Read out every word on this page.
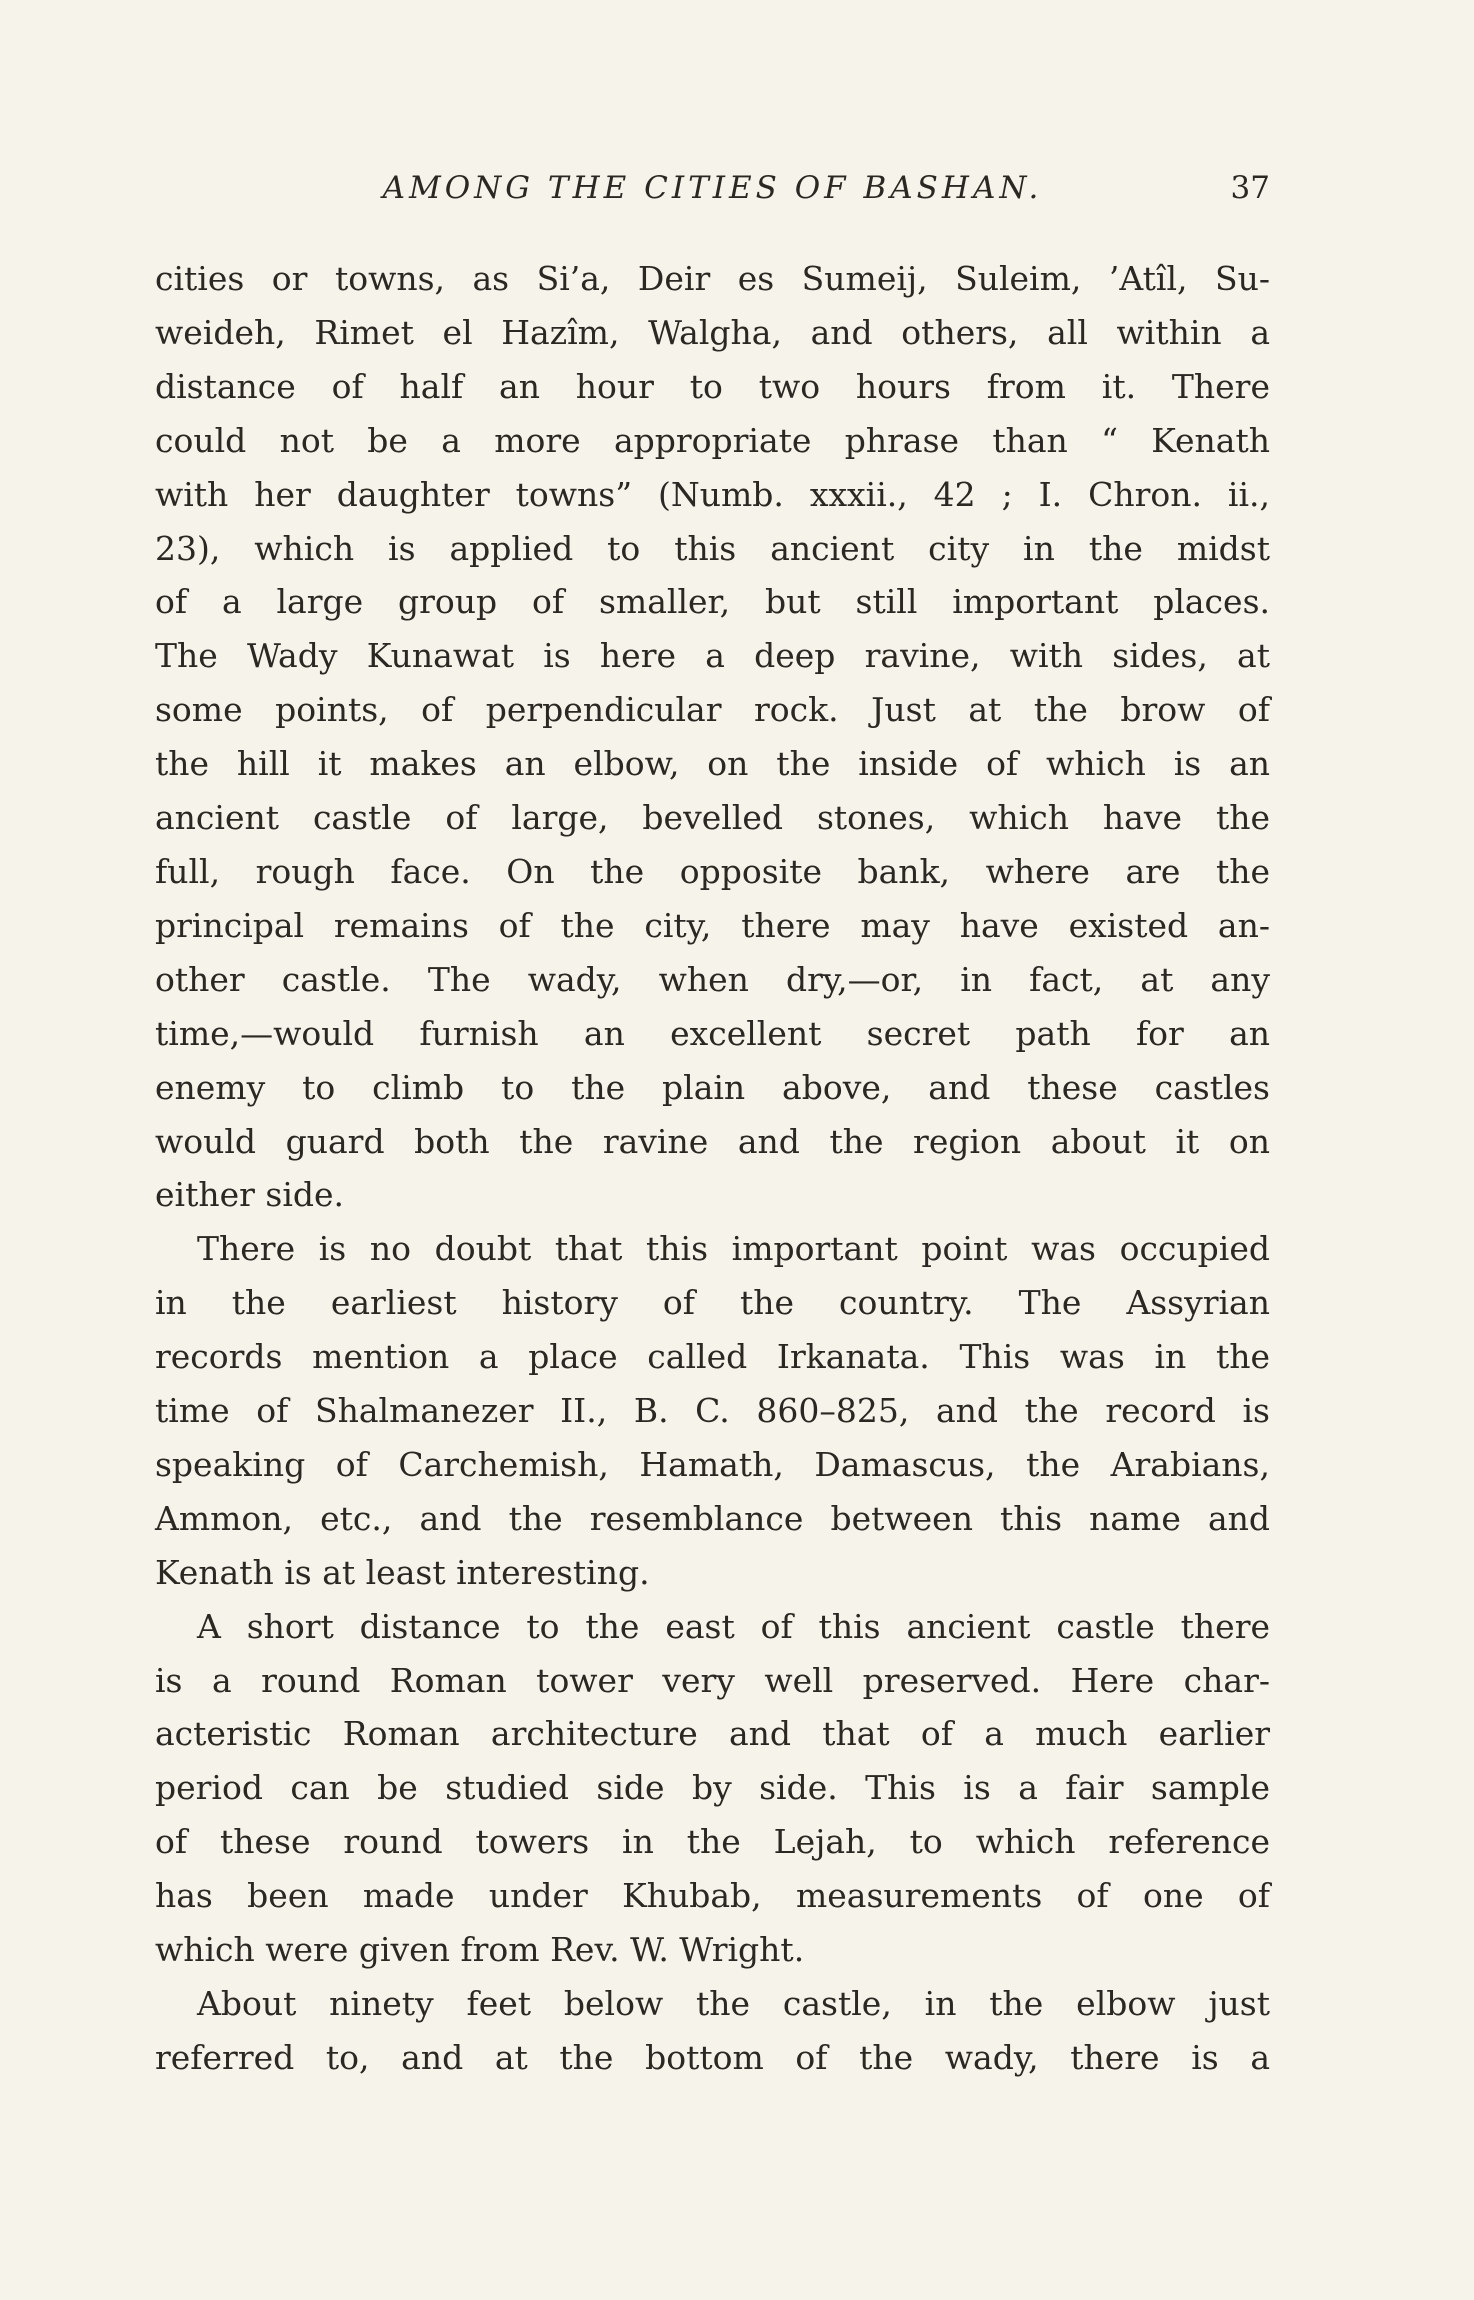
AMONG THE CITIES OF BASHAN.	37
cities or towns, as Si’a, Deir es Sumeij, Suleim, ’Atîl, Su-
weideh, Rimet el Hazîm, Walgha, and others, all within a
distance of half an hour to two hours from it. There
could not be a more appropriate phrase than “ Kenath
with her daughter towns” (Numb. xxxii., 42 ; I. Chron. ii.,
23), which is applied to this ancient city in the midst
of a large group of smaller, but still important places.
The Wady Kunawat is here a deep ravine, with sides, at
some points, of perpendicular rock. Just at the brow of
the hill it makes an elbow, on the inside of which is an
ancient castle of large, bevelled stones, which have the
full, rough face. On the opposite bank, where are the
principal remains of the city, there may have existed an-
other castle. The wady, when dry,—or, in fact, at any
time,—would furnish an excellent secret path for an
enemy to climb to the plain above, and these castles
would guard both the ravine and the region about it on
either side.
There is no doubt that this important point was occupied
in the earliest history of the country. The Assyrian
records mention a place called Irkanata. This was in the
time of Shalmanezer II., B. C. 860–825, and the record is
speaking of Carchemish, Hamath, Damascus, the Arabians,
Ammon, etc., and the resemblance between this name and
Kenath is at least interesting.
A short distance to the east of this ancient castle there
is a round Roman tower very well preserved. Here char-
acteristic Roman architecture and that of a much earlier
period can be studied side by side. This is a fair sample
of these round towers in the Lejah, to which reference
has been made under Khubab, measurements of one of
which were given from Rev. W. Wright.
About ninety feet below the castle, in the elbow just
referred to, and at the bottom of the wady, there is a
